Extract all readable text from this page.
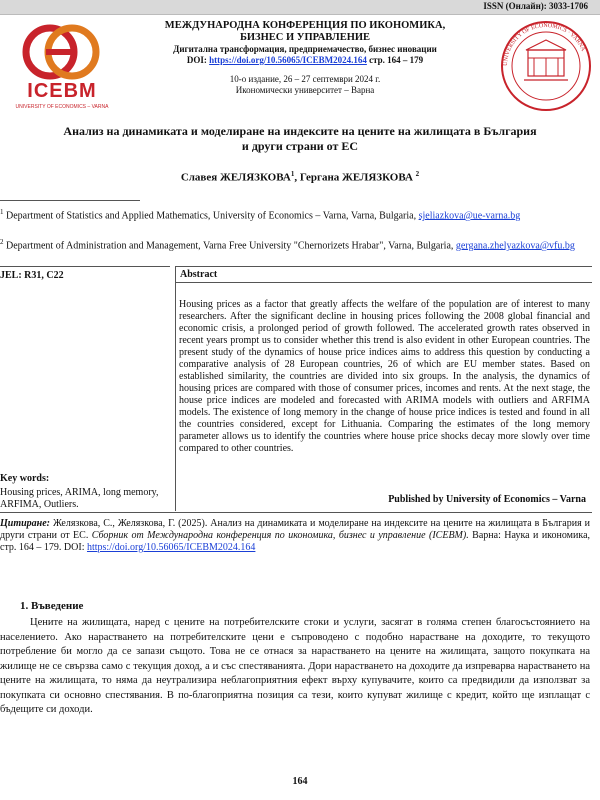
ISSN (Онлайн): 3033-1706
ICEBM
UNIVERSITY OF ECONOMICS – VARNA
МЕЖДУНАРОДНА КОНФЕРЕНЦИЯ ПО ИКОНОМИКА,
БИЗНЕС И УПРАВЛЕНИЕ
Дигитална трансформация, предприемачество, бизнес иновации
DOI: https://doi.org/10.56065/ICEBM2024.164 стр. 164 – 179
10-о издание, 26 – 27 септември 2024 г.
Икономически университет – Варна
UNIVERSITY OF ECONOMICS · VARNA
Анализ на динамиката и моделиране на индексите на цените на жилищата в България
и други страни от ЕС
Славея ЖЕЛЯЗКОВА$^1$, Гергана ЖЕЛЯЗКОВА $^2$
$^1$ Department of Statistics and Applied Mathematics, University of Economics – Varna, Varna, Bulgaria, sjeliazkova@ue-varna.bg
$^2$ Department of Administration and Management, Varna Free University "Chernorizets Hrabar", Varna, Bulgaria, gergana.zhelyazkova@vfu.bg
JEL: R31, C22
Key words:
Housing prices, ARIMA, long memory, ARFIMA, Outliers.
Abstract
Housing prices as a factor that greatly affects the welfare of the population are of interest to many researchers. After the significant decline in housing prices following the 2008 global financial and economic crisis, a prolonged period of growth followed. The accelerated growth rates observed in recent years prompt us to consider whether this trend is also evident in other European countries. The present study of the dynamics of house price indices aims to address this question by conducting a comparative analysis of 28 European countries, 26 of which are EU member states. Based on established similarity, the countries are divided into six groups. In the analysis, the dynamics of housing prices are compared with those of consumer prices, incomes and rents. At the next stage, the house price indices are modeled and forecasted with ARIMA models with outliers and ARFIMA models. The existence of long memory in the change of house price indices is tested and found in all the countries considered, except for Lithuania. Comparing the estimates of the long memory parameter allows us to identify the countries where house price shocks decay more slowly over time compared to other countries.
Published by University of Economics – Varna
Цитиране: Желязкова, С., Желязкова, Г. (2025). Анализ на динамиката и моделиране на индексите на цените на жилищата в България и други страни от ЕС. Сборник от Международна конференция по икономика, бизнес и управление (ICEBM). Варна: Наука и икономика, стр. 164 – 179. DOI: https://doi.org/10.56065/ICEBM2024.164
1. Въведение
Цените на жилищата, наред с цените на потребителските стоки и услуги, засягат в голяма степен благосъстоянието на населението. Ако нарастването на потребителските цени е съпроводено с подобно нарастване на доходите, то текущото потребление би могло да се запази същото. Това не се отнася за нарастването на цените на жилищата, защото покупката на жилище не се свързва само с текущия доход, а и със спестяванията. Дори нарастването на доходите да изпреварва нарастването на цените на жилищата, то няма да неутрализира неблагоприятния ефект върху купувачите, които са предвидили да използват за покупката си основно спестявания. В по-благоприятна позиция са тези, които купуват жилище с кредит, който ще изплащат с бъдещите си доходи.
164
